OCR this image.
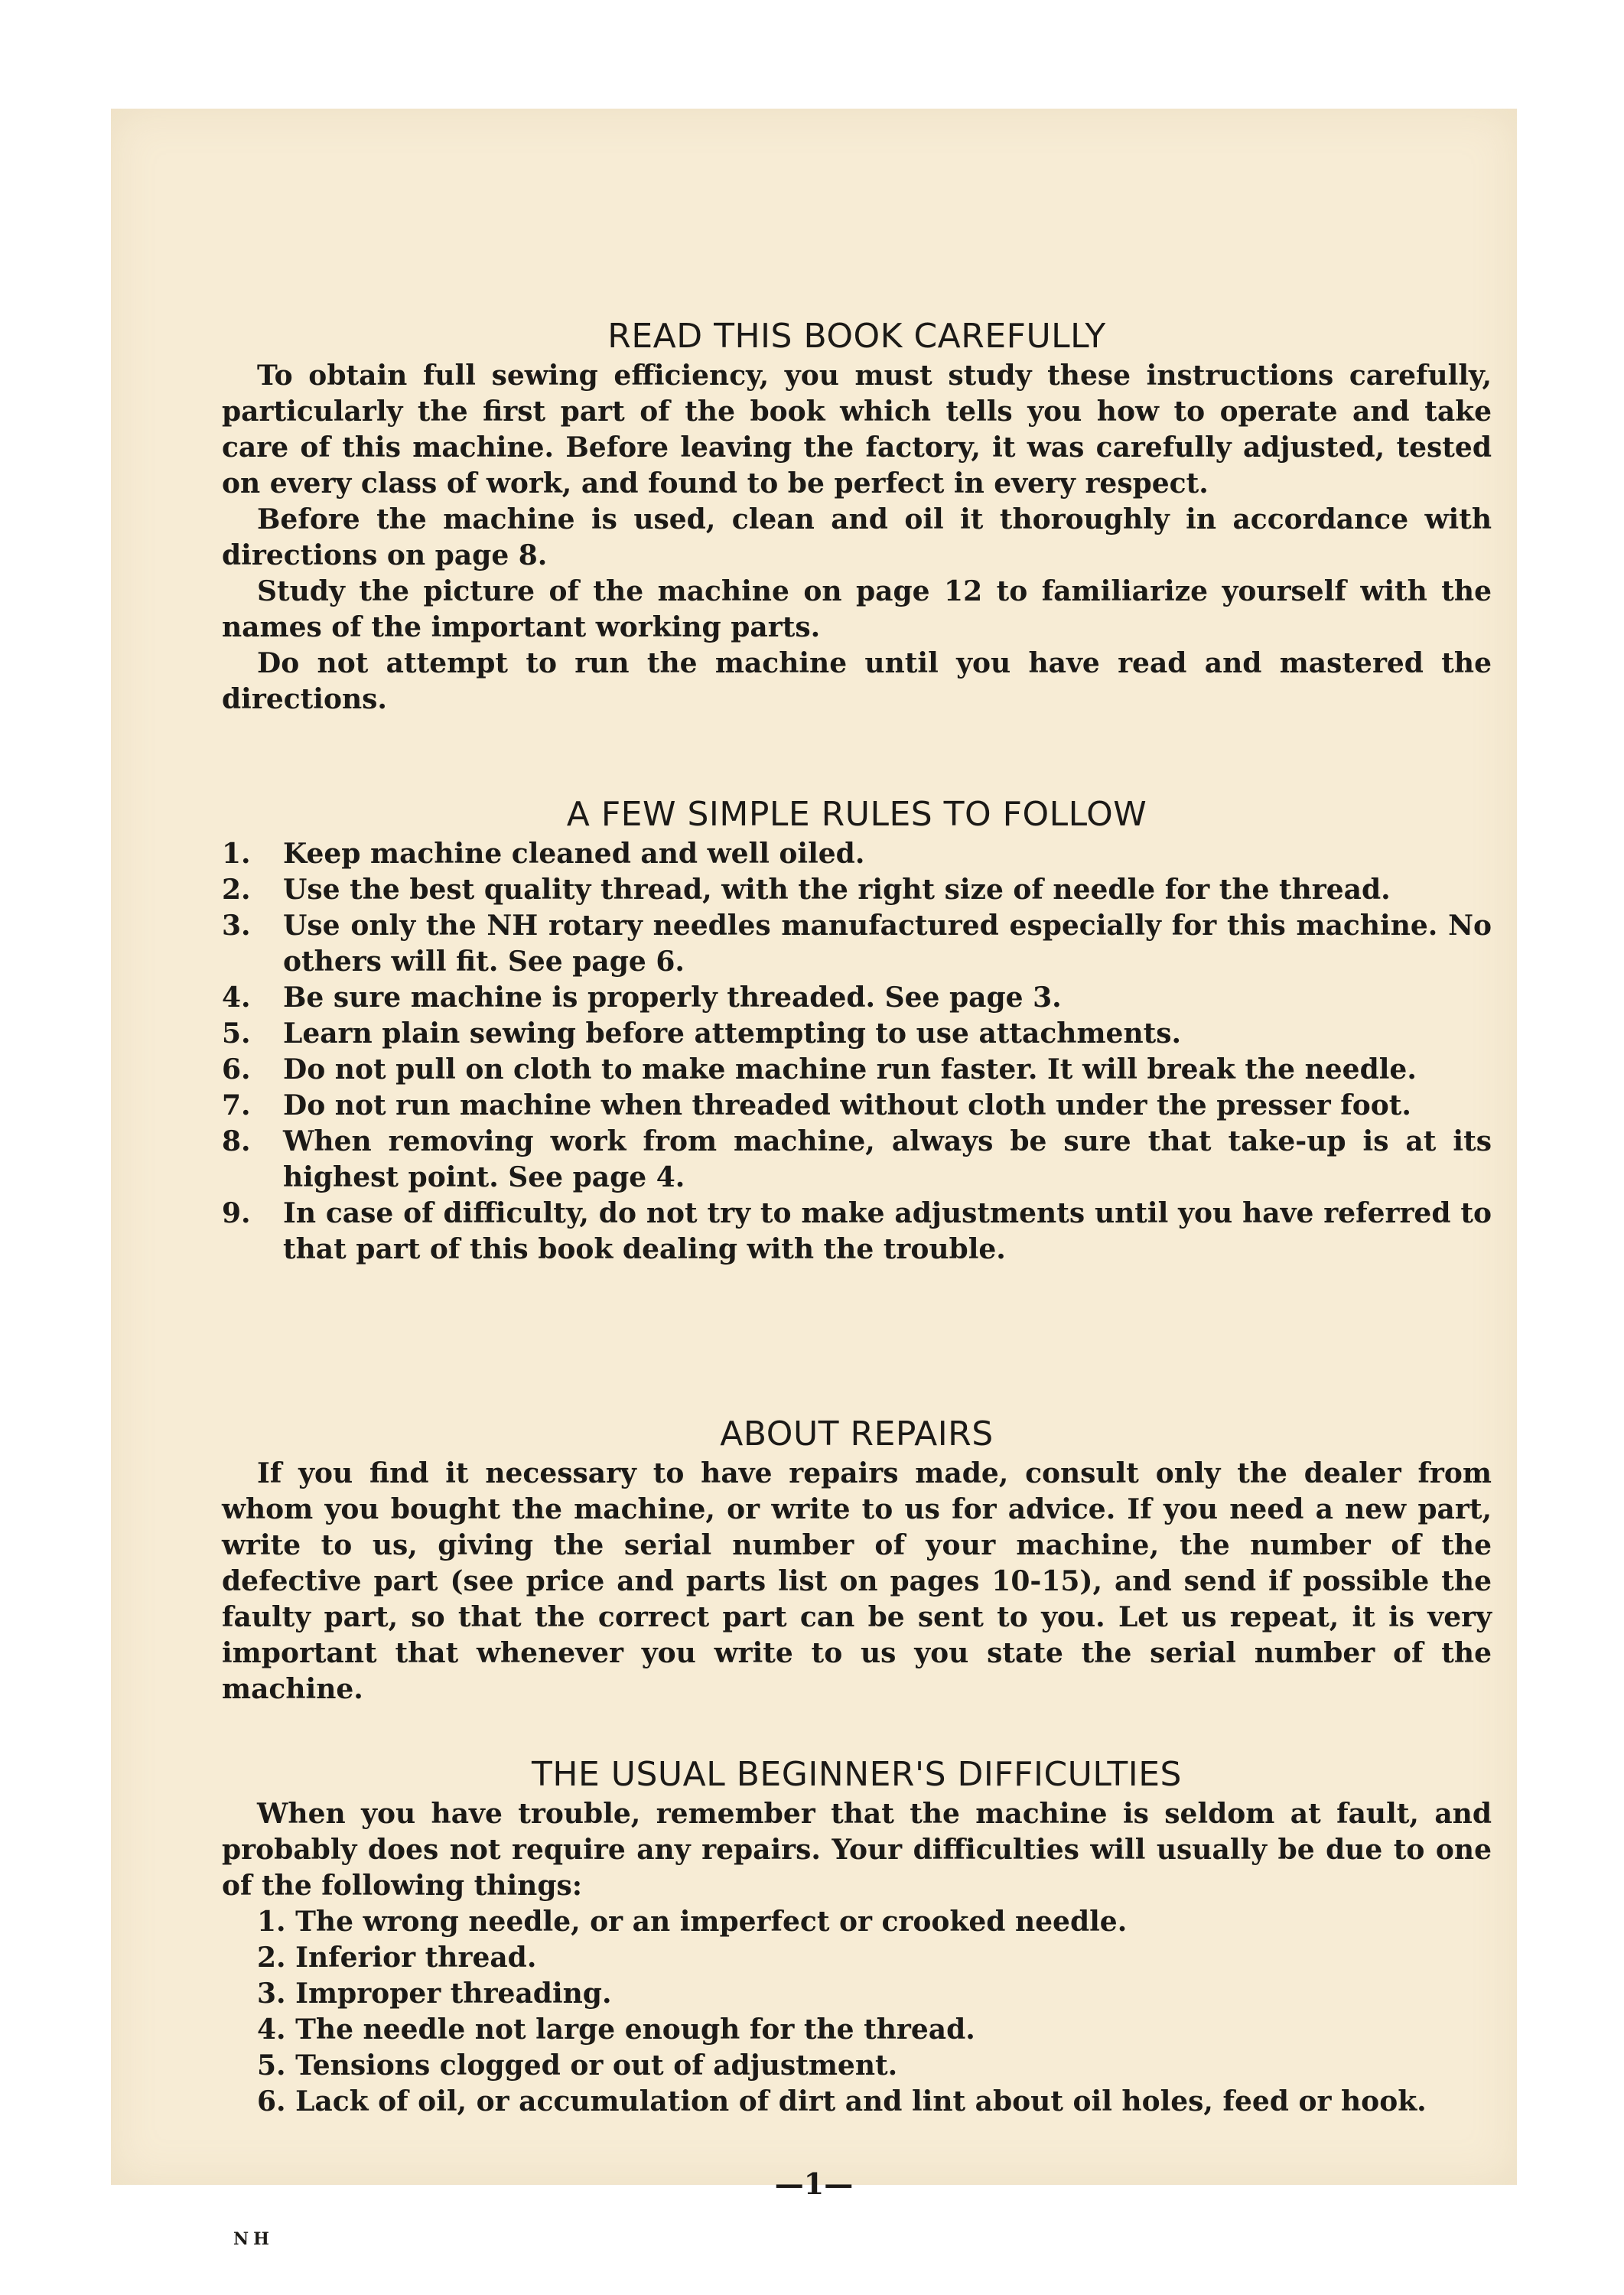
READ THIS BOOK CAREFULLY

To obtain full sewing efficiency, you must study these instructions carefully, particularly the first part of the book which tells you how to operate and take care of this machine. Before leaving the factory, it was carefully adjusted, tested on every class of work, and found to be perfect in every respect.

Before the machine is used, clean and oil it thoroughly in accordance with directions on page 8.

Study the picture of the machine on page 12 to familiarize yourself with the names of the important working parts.

Do not attempt to run the machine until you have read and mastered the directions.

A FEW SIMPLE RULES TO FOLLOW
1. Keep machine cleaned and well oiled.
2. Use the best quality thread, with the right size of needle for the thread.
3. Use only the NH rotary needles manufactured especially for this machine. No others will fit. See page 6.
4. Be sure machine is properly threaded. See page 3.
5. Learn plain sewing before attempting to use attachments.
6. Do not pull on cloth to make machine run faster. It will break the needle.
7. Do not run machine when threaded without cloth under the presser foot.
8. When removing work from machine, always be sure that take-up is at its highest point. See page 4.
9. In case of difficulty, do not try to make adjustments until you have referred to that part of this book dealing with the trouble.
ABOUT REPAIRS

If you find it necessary to have repairs made, consult only the dealer from whom you bought the machine, or write to us for advice. If you need a new part, write to us, giving the serial number of your machine, the number of the defective part (see price and parts list on pages 10-15), and send if possible the faulty part, so that the correct part can be sent to you. Let us repeat, it is very important that whenever you write to us you state the serial number of the machine.

THE USUAL BEGINNER'S DIFFICULTIES

When you have trouble, remember that the machine is seldom at fault, and probably does not require any repairs. Your difficulties will usually be due to one of the following things:

1. The wrong needle, or an imperfect or crooked needle.
2. Inferior thread.
3. Improper threading.
4. The needle not large enough for the thread.
5. Tensions clogged or out of adjustment.
6. Lack of oil, or accumulation of dirt and lint about oil holes, feed or hook.
—1—
NH
